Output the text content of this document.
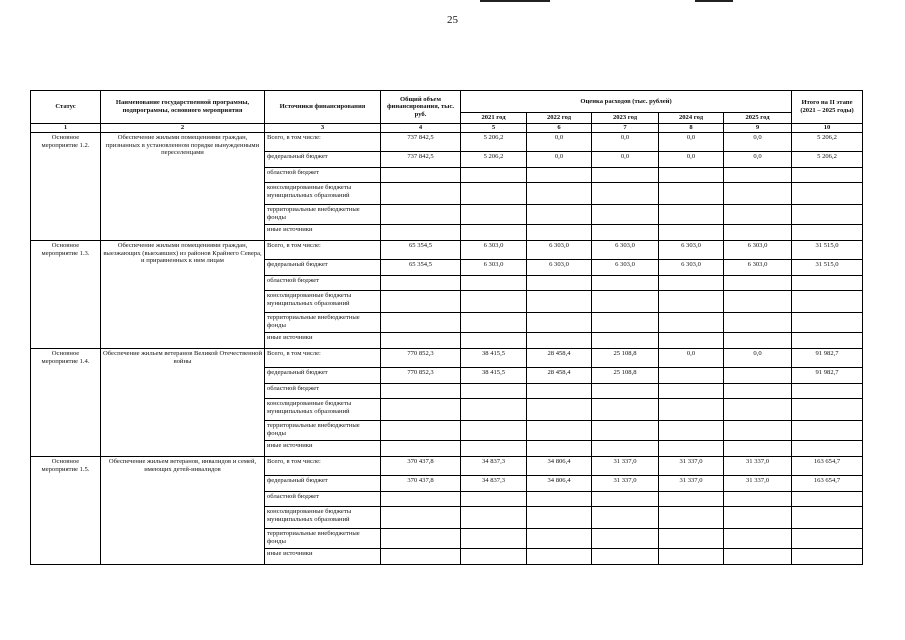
25
Статус	Наименование государственной программы, подпрограммы, основного мероприятия	Источники финансирования	Общий объем финансирования, тыс. руб.	Оценка расходов (тыс. рублей)					Итого на II этапе (2021 – 2025 годы)
				2021 год	2022 год	2023 год	2024 год	2025 год	
1	2	3	4	5	6	7	8	9	10
Основное мероприятие 1.2.	Обеспечение жилыми помещениями граждан, признанных в установленном порядке вынужденными переселенцами	Всего, в том числе:	737 842,5	5 206,2	0,0	0,0	0,0	0,0	5 206,2
		федеральный бюджет	737 842,5	5 206,2	0,0	0,0	0,0	0,0	5 206,2
		областной бюджет							
		консолидированные бюджеты муниципальных образований							
		территориальные внебюджетные фонды							
		иные источники							
Основное мероприятие 1.3.	Обеспечение жилыми помещениями граждан, выезжающих (выехавших) из районов Крайнего Севера, и приравненных к ним лицам	Всего, в том числе:	65 354,5	6 303,0	6 303,0	6 303,0	6 303,0	6 303,0	31 515,0
		федеральный бюджет	65 354,5	6 303,0	6 303,0	6 303,0	6 303,0	6 303,0	31 515,0
		областной бюджет							
		консолидированные бюджеты муниципальных образований							
		территориальные внебюджетные фонды							
		иные источники							
Основное мероприятие 1.4.	Обеспечение жильем ветеранов Великой Отечественной войны	Всего, в том числе:	770 852,3	38 415,5	28 458,4	25 108,8	0,0	0,0	91 982,7
		федеральный бюджет	770 852,3	38 415,5	28 458,4	25 108,8			91 982,7
		областной бюджет							
		консолидированные бюджеты муниципальных образований							
		территориальные внебюджетные фонды							
		иные источники							
Основное мероприятие 1.5.	Обеспечение жильем ветеранов, инвалидов и семей, имеющих детей-инвалидов	Всего, в том числе:	370 437,8	34 837,3	34 806,4	31 337,0	31 337,0	31 337,0	163 654,7
		федеральный бюджет	370 437,8	34 837,3	34 806,4	31 337,0	31 337,0	31 337,0	163 654,7
		областной бюджет							
		консолидированные бюджеты муниципальных образований							
		территориальные внебюджетные фонды							
		иные источники							
